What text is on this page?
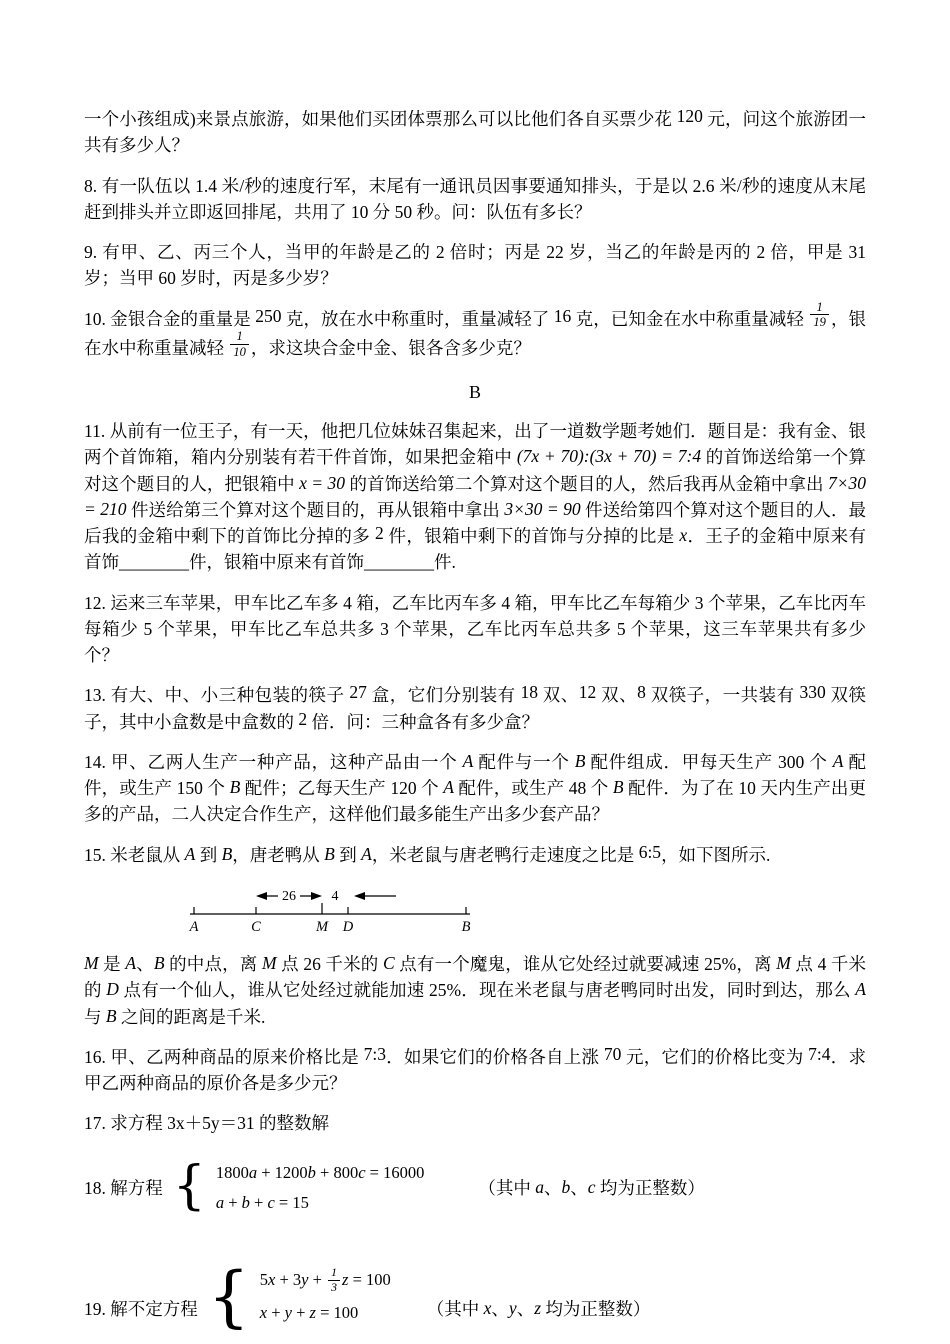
一个小孩组成)来景点旅游，如果他们买团体票那么可以比他们各自买票少花 120 元，问这个旅游团一共有多少人？

8. 有一队伍以 1.4 米/秒的速度行军，末尾有一通讯员因事要通知排头，于是以 2.6 米/秒的速度从末尾赶到排头并立即返回排尾，共用了 10 分 50 秒。问：队伍有多长？

9. 有甲、乙、丙三个人，当甲的年龄是乙的 2 倍时；丙是 22 岁，当乙的年龄是丙的 2 倍，甲是 31 岁；当甲 60 岁时，丙是多少岁？

10. 金银合金的重量是 250 克，放在水中称重时，重量减轻了 16 克，已知金在水中称重量减轻 $\frac{1}{19}$ ，银在水中称重量减轻 $\frac{1}{10}$ ，求这块合金中金、银各含多少克？

B

11. 从前有一位王子，有一天，他把几位妹妹召集起来，出了一道数学题考她们．题目是：我有金、银两个首饰箱，箱内分别装有若干件首饰，如果把金箱中 (7x + 70):(3x + 70) = 7:4 的首饰送给第一个算对这个题目的人，把银箱中 x = 30 的首饰送给第二个算对这个题目的人，然后我再从金箱中拿出 7×30 = 210 件送给第三个算对这个题目的，再从银箱中拿出 3×30 = 90 件送给第四个算对这个题目的人．最后我的金箱中剩下的首饰比分掉的多 2 件，银箱中剩下的首饰与分掉的比是 x．王子的金箱中原来有首饰________件，银箱中原来有首饰________件.

12. 运来三车苹果，甲车比乙车多 4 箱，乙车比丙车多 4 箱，甲车比乙车每箱少 3 个苹果，乙车比丙车每箱少 5 个苹果，甲车比乙车总共多 3 个苹果，乙车比丙车总共多 5 个苹果，这三车苹果共有多少个？

13. 有大、中、小三种包装的筷子 27 盒，它们分别装有 18 双、12 双、8 双筷子，一共装有 330 双筷子，其中小盒数是中盒数的 2 倍．问：三种盒各有多少盒？

14. 甲、乙两人生产一种产品，这种产品由一个 A 配件与一个 B 配件组成．甲每天生产 300 个 A 配件，或生产 150 个 B 配件；乙每天生产 120 个 A 配件，或生产 48 个 B 配件．为了在 10 天内生产出更多的产品，二人决定合作生产，这样他们最多能生产出多少套产品？

15. 米老鼠从 A 到 B，唐老鸭从 B 到 A，米老鼠与唐老鸭行走速度之比是 6:5，如下图所示.

26	4
A	C	M D	B

M 是 A、B 的中点，离 M 点 26 千米的 C 点有一个魔鬼，谁从它处经过就要减速 25%，离 M 点 4 千米的 D 点有一个仙人，谁从它处经过就能加速 25%．现在米老鼠与唐老鸭同时出发，同时到达，那么 A 与 B 之间的距离是千米.

16. 甲、乙两种商品的原来价格比是 7:3．如果它们的价格各自上涨 70 元，它们的价格比变为 7:4．求甲乙两种商品的原价各是多少元？

17. 求方程 3x＋5y＝31 的整数解

18. 解方程 { 1800a + 1200b + 800c = 16000
a + b + c = 15
（其中 a、b、c 均为正整数）
19. 解不定方程 { $5x + 3y + \frac{1}{3}$ z = 100
x + y + z = 100	（其中 x、y、z 均为正整数）
